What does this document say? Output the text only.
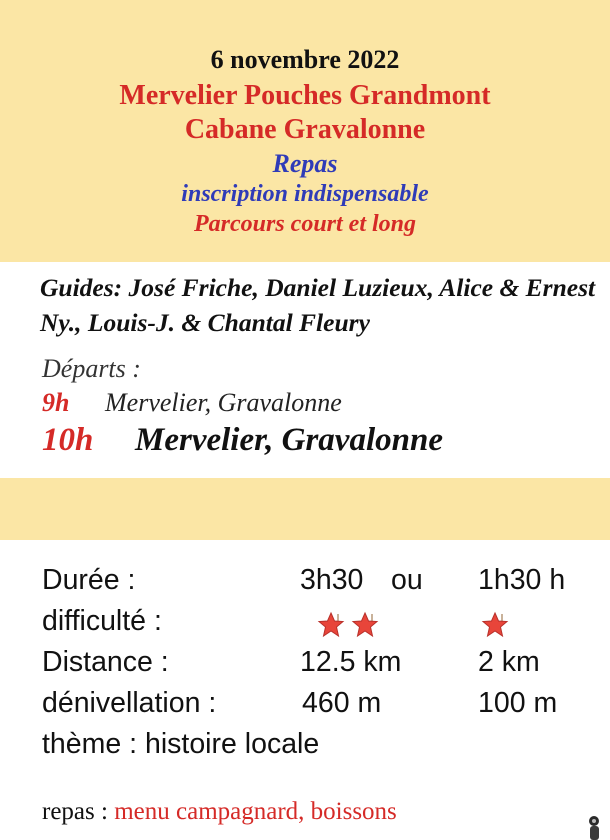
6 novembre 2022
Mervelier Pouches Grandmont
Cabane Gravalonne
Repas
inscription indispensable
Parcours court et long
Guides: José Friche, Daniel Luzieux, Alice & Ernest Ny., Louis-J. & Chantal Fleury
Départs :
9h Mervelier, Gravalonne
10h Mervelier, Gravalonne
Durée :	3h30 ou 1h30 h
difficulté :
Distance :	12.5 km	2 km
dénivellation :	460 m	100 m
thème : histoire locale
repas : menu campagnard, boissons
